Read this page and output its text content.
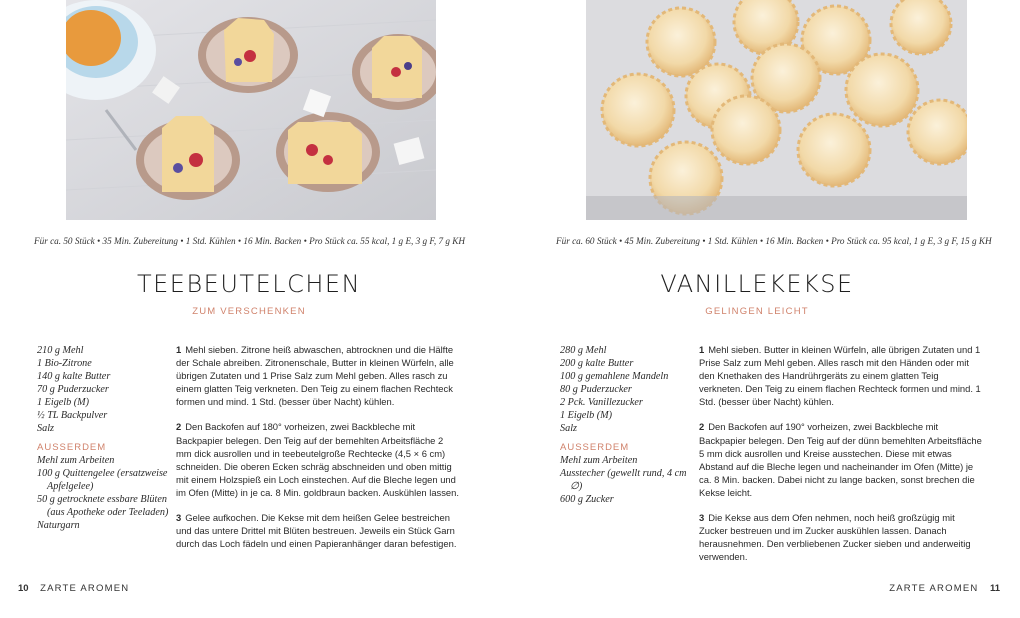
Für ca. 50 Stück • 35 Min. Zubereitung • 1 Std. Kühlen • 16 Min. Backen • Pro Stück ca. 55 kcal, 1 g E, 3 g F, 7 g KH
TEEBEUTELCHEN
ZUM VERSCHENKEN
210 g Mehl
1 Bio-Zitrone
140 g kalte Butter
70 g Puderzucker
1 Eigelb (M)
½ TL Backpulver
Salz
AUSSERDEM
Mehl zum Arbeiten
100 g Quittengelee (ersatzweise Apfelgelee)
50 g getrocknete essbare Blüten (aus Apotheke oder Teeladen)
Naturgarn
1 Mehl sieben. Zitrone heiß abwaschen, abtrocknen und die Hälfte der Schale abreiben. Zitronenschale, Butter in kleinen Würfeln, alle übrigen Zutaten und 1 Prise Salz zum Mehl geben. Alles rasch zu einem glatten Teig verkneten. Den Teig zu einem flachen Rechteck formen und mind. 1 Std. (besser über Nacht) kühlen.
2 Den Backofen auf 180° vorheizen, zwei Backbleche mit Backpapier belegen. Den Teig auf der bemehlten Arbeitsfläche 2 mm dick ausrollen und in teebeutelgroße Rechtecke (4,5 × 6 cm) schneiden. Die oberen Ecken schräg abschneiden und oben mittig mit einem Holzspieß ein Loch einstechen. Auf die Bleche legen und im Ofen (Mitte) in je ca. 8 Min. goldbraun backen. Auskühlen lassen.
3 Gelee aufkochen. Die Kekse mit dem heißen Gelee bestreichen und das untere Drittel mit Blüten bestreuen. Jeweils ein Stück Garn durch das Loch fädeln und einen Papieranhänger daran befestigen.
10 ZARTE AROMEN
Für ca. 60 Stück • 45 Min. Zubereitung • 1 Std. Kühlen • 16 Min. Backen • Pro Stück ca. 95 kcal, 1 g E, 3 g F, 15 g KH
VANILLEKEKSE
GELINGEN LEICHT
280 g Mehl
200 g kalte Butter
100 g gemahlene Mandeln
80 g Puderzucker
2 Pck. Vanillezucker
1 Eigelb (M)
Salz
AUSSERDEM
Mehl zum Arbeiten
Ausstecher (gewellt rund, 4 cm ∅)
600 g Zucker
1 Mehl sieben. Butter in kleinen Würfeln, alle übrigen Zutaten und 1 Prise Salz zum Mehl geben. Alles rasch mit den Händen oder mit den Knethaken des Handrührgeräts zu einem glatten Teig verkneten. Den Teig zu einem flachen Rechteck formen und mind. 1 Std. (besser über Nacht) kühlen.
2 Den Backofen auf 190° vorheizen, zwei Backbleche mit Backpapier belegen. Den Teig auf der dünn bemehlten Arbeitsfläche 5 mm dick ausrollen und Kreise ausstechen. Diese mit etwas Abstand auf die Bleche legen und nacheinander im Ofen (Mitte) je ca. 8 Min. backen. Dabei nicht zu lange backen, sonst brechen die Kekse leicht.
3 Die Kekse aus dem Ofen nehmen, noch heiß großzügig mit Zucker bestreuen und im Zucker auskühlen lassen. Danach herausnehmen. Den verbliebenen Zucker sieben und anderweitig verwenden.
ZARTE AROMEN 11
